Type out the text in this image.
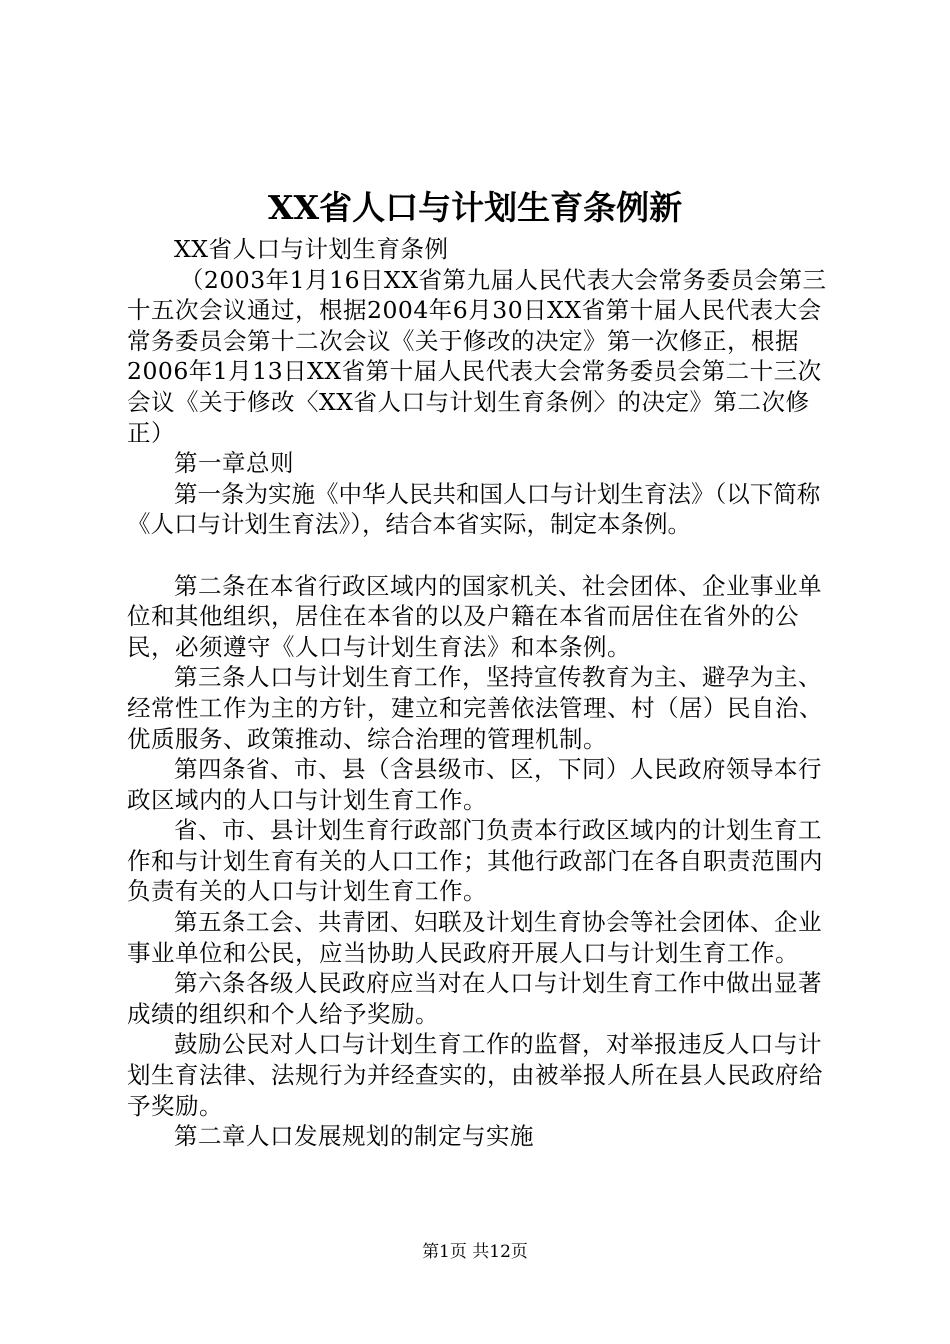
XX省人口与计划生育条例新

XX省人口与计划生育条例

（2003年1月16日XX省第九届人民代表大会常务委员会第三十五次会议通过，根据2004年6月30日XX省第十届人民代表大会常务委员会第十二次会议《关于修改的决定》第一次修正，根据2006年1月13日XX省第十届人民代表大会常务委员会第二十三次会议《关于修改〈XX省人口与计划生育条例〉的决定》第二次修正）

第一章总则

第一条为实施《中华人民共和国人口与计划生育法》（以下简称《人口与计划生育法》），结合本省实际，制定本条例。

第二条在本省行政区域内的国家机关、社会团体、企业事业单位和其他组织，居住在本省的以及户籍在本省而居住在省外的公民，必须遵守《人口与计划生育法》和本条例。

第三条人口与计划生育工作，坚持宣传教育为主、避孕为主、经常性工作为主的方针，建立和完善依法管理、村（居）民自治、优质服务、政策推动、综合治理的管理机制。

第四条省、市、县（含县级市、区，下同）人民政府领导本行政区域内的人口与计划生育工作。

省、市、县计划生育行政部门负责本行政区域内的计划生育工作和与计划生育有关的人口工作；其他行政部门在各自职责范围内负责有关的人口与计划生育工作。

第五条工会、共青团、妇联及计划生育协会等社会团体、企业事业单位和公民，应当协助人民政府开展人口与计划生育工作。

第六条各级人民政府应当对在人口与计划生育工作中做出显著成绩的组织和个人给予奖励。

鼓励公民对人口与计划生育工作的监督，对举报违反人口与计划生育法律、法规行为并经查实的，由被举报人所在县人民政府给予奖励。

第二章人口发展规划的制定与实施

第1页 共12页
